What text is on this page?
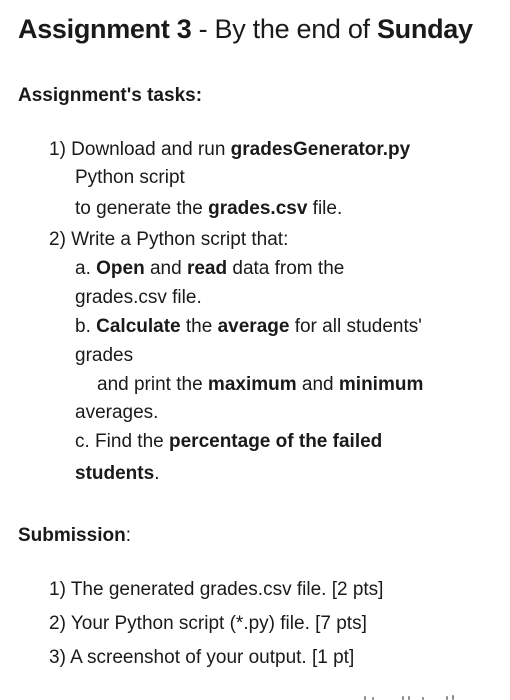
Assignment 3 - By the end of Sunday
Assignment's tasks:
1) Download and run gradesGenerator.py
Python script
to generate the grades.csv file.
2) Write a Python script that:
a. Open and read data from the
grades.csv file.
b. Calculate the average for all students'
grades
and print the maximum and minimum
averages.
c. Find the percentage of the failed
students.
Submission:
1) The generated grades.csv file. [2 pts]
2) Your Python script (*.py) file. [7 pts]
3) A screenshot of your output. [1 pt]
